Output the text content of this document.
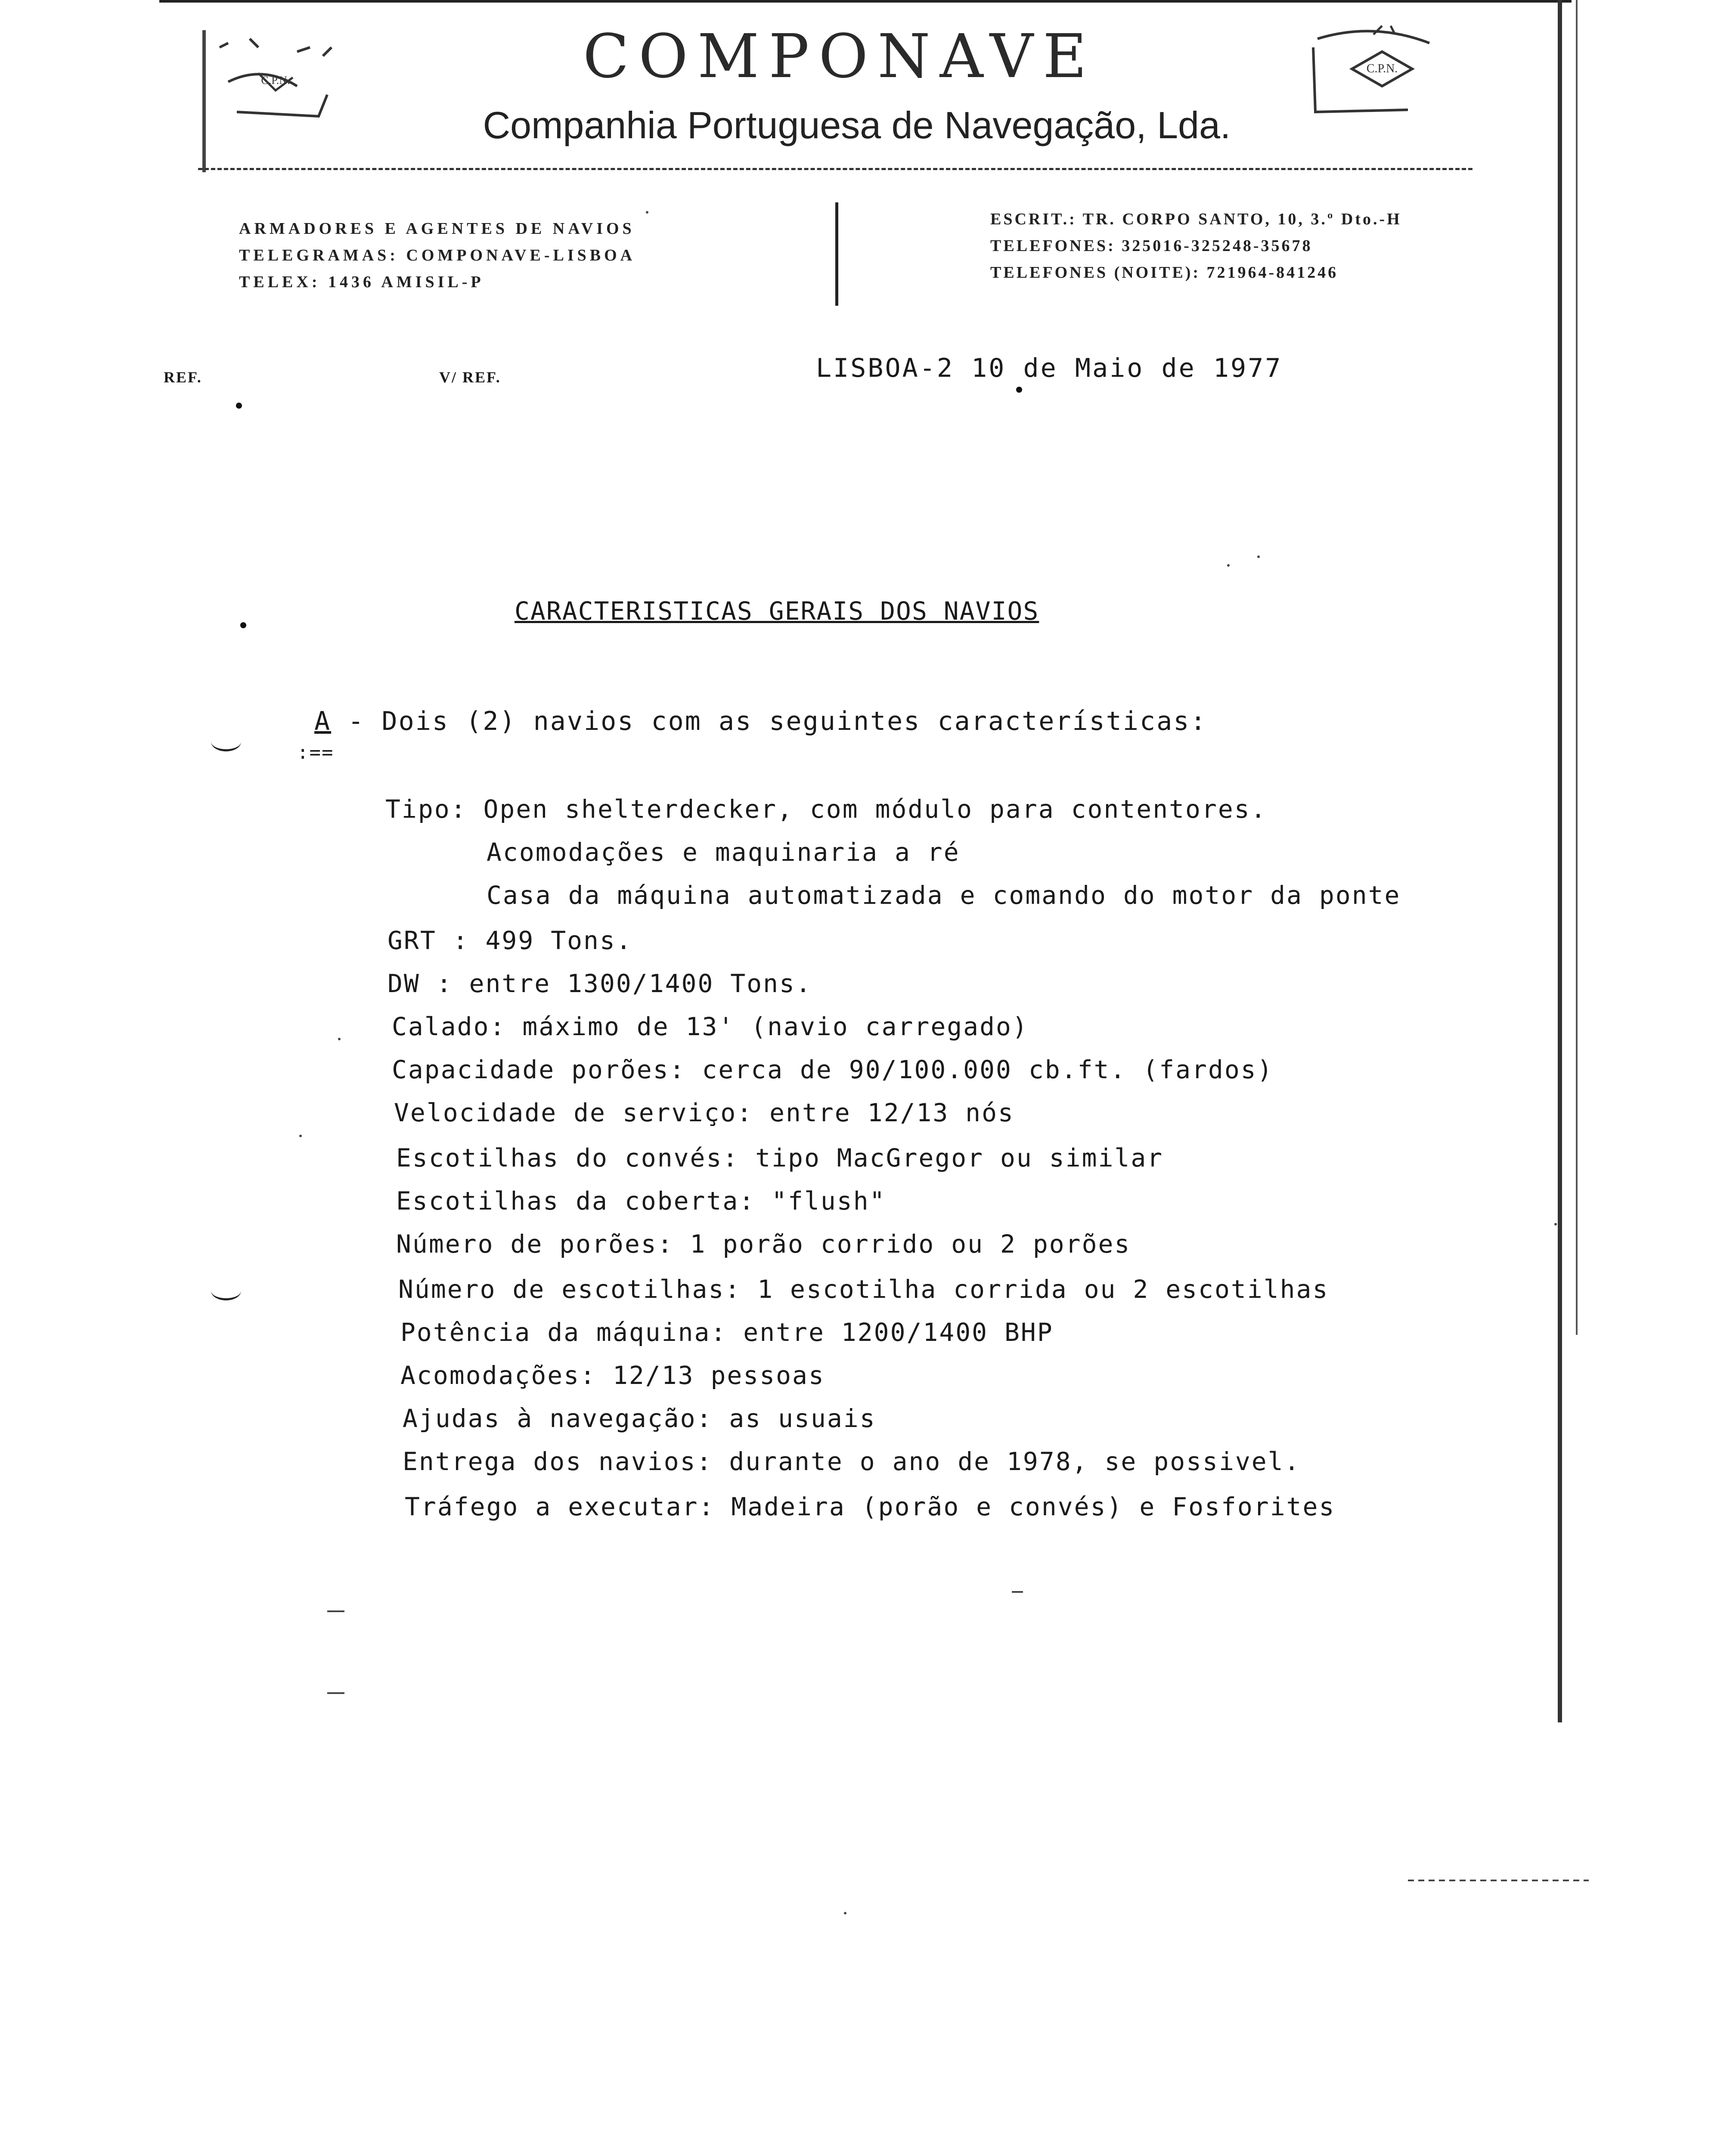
C.P.N.
C.P.N.
COMPONAVE
Companhia Portuguesa de Navegação, Lda.
ARMADORES E AGENTES DE NAVIOS
TELEGRAMAS: COMPONAVE-LISBOA
TELEX: 1436 AMISIL-P
ESCRIT.: TR. CORPO SANTO, 10, 3.º Dto.-H
TELEFONES: 325016-325248-35678
TELEFONES (NOITE): 721964-841246
REF.	V/ REF.	LISBOA-2 10 de Maio de 1977
CARACTERISTICAS GERAIS DOS NAVIOS
A - Dois (2) navios com as seguintes características:
:==
Tipo: Open shelterdecker, com módulo para contentores.
Acomodações e maquinaria a ré
Casa da máquina automatizada e comando do motor da ponte
GRT : 499 Tons.
DW : entre 1300/1400 Tons.
Calado: máximo de 13' (navio carregado)
Capacidade porões: cerca de 90/100.000 cb.ft. (fardos)
Velocidade de serviço: entre 12/13 nós
Escotilhas do convés: tipo MacGregor ou similar
Escotilhas da coberta: "flush"
Número de porões: 1 porão corrido ou 2 porões
Número de escotilhas: 1 escotilha corrida ou 2 escotilhas
Potência da máquina: entre 1200/1400 BHP
Acomodações: 12/13 pessoas
Ajudas à navegação: as usuais
Entrega dos navios: durante o ano de 1978, se possivel.
Tráfego a executar: Madeira (porão e convés) e Fosforites
